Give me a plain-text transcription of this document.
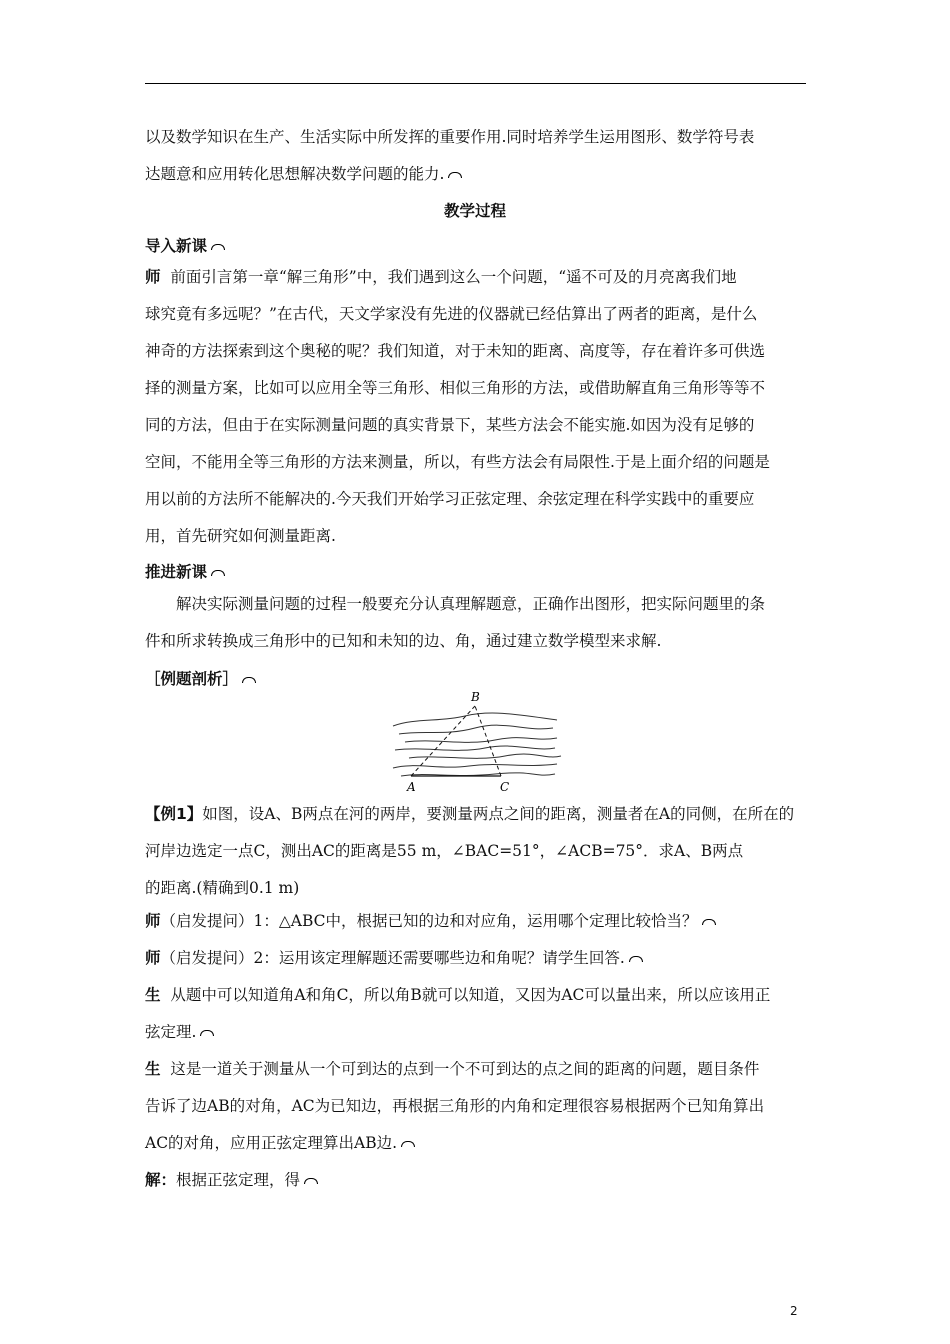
以及数学知识在生产、生活实际中所发挥的重要作用.同时培养学生运用图形、数学符号表
达题意和应用转化思想解决数学问题的能力.
教学过程
导入新课
师 前面引言第一章“解三角形”中，我们遇到这么一个问题，“遥不可及的月亮离我们地
球究竟有多远呢？”在古代，天文学家没有先进的仪器就已经估算出了两者的距离，是什么
神奇的方法探索到这个奥秘的呢？我们知道，对于未知的距离、高度等，存在着许多可供选
择的测量方案，比如可以应用全等三角形、相似三角形的方法，或借助解直角三角形等等不
同的方法，但由于在实际测量问题的真实背景下，某些方法会不能实施.如因为没有足够的
空间，不能用全等三角形的方法来测量，所以，有些方法会有局限性.于是上面介绍的问题是
用以前的方法所不能解决的.今天我们开始学习正弦定理、余弦定理在科学实践中的重要应
用，首先研究如何测量距离.
推进新课
解决实际测量问题的过程一般要充分认真理解题意，正确作出图形，把实际问题里的条
件和所求转换成三角形中的已知和未知的边、角，通过建立数学模型来求解.
［例题剖析］
B
A	C
【例1】如图，设A、B两点在河的两岸，要测量两点之间的距离，测量者在A的同侧，在所在的
河岸边选定一点C，测出AC的距离是55 m，∠BAC=51°，∠ACB=75°．求A、B两点
的距离.(精确到0.1 m)
师（启发提问）1：△ABC中，根据已知的边和对应角，运用哪个定理比较恰当？
师（启发提问）2：运用该定理解题还需要哪些边和角呢？请学生回答.
生 从题中可以知道角A和角C，所以角B就可以知道，又因为AC可以量出来，所以应该用正
弦定理.
生 这是一道关于测量从一个可到达的点到一个不可到达的点之间的距离的问题，题目条件
告诉了边AB的对角，AC为已知边，再根据三角形的内角和定理很容易根据两个已知角算出
AC的对角，应用正弦定理算出AB边.
解：根据正弦定理，得
2
